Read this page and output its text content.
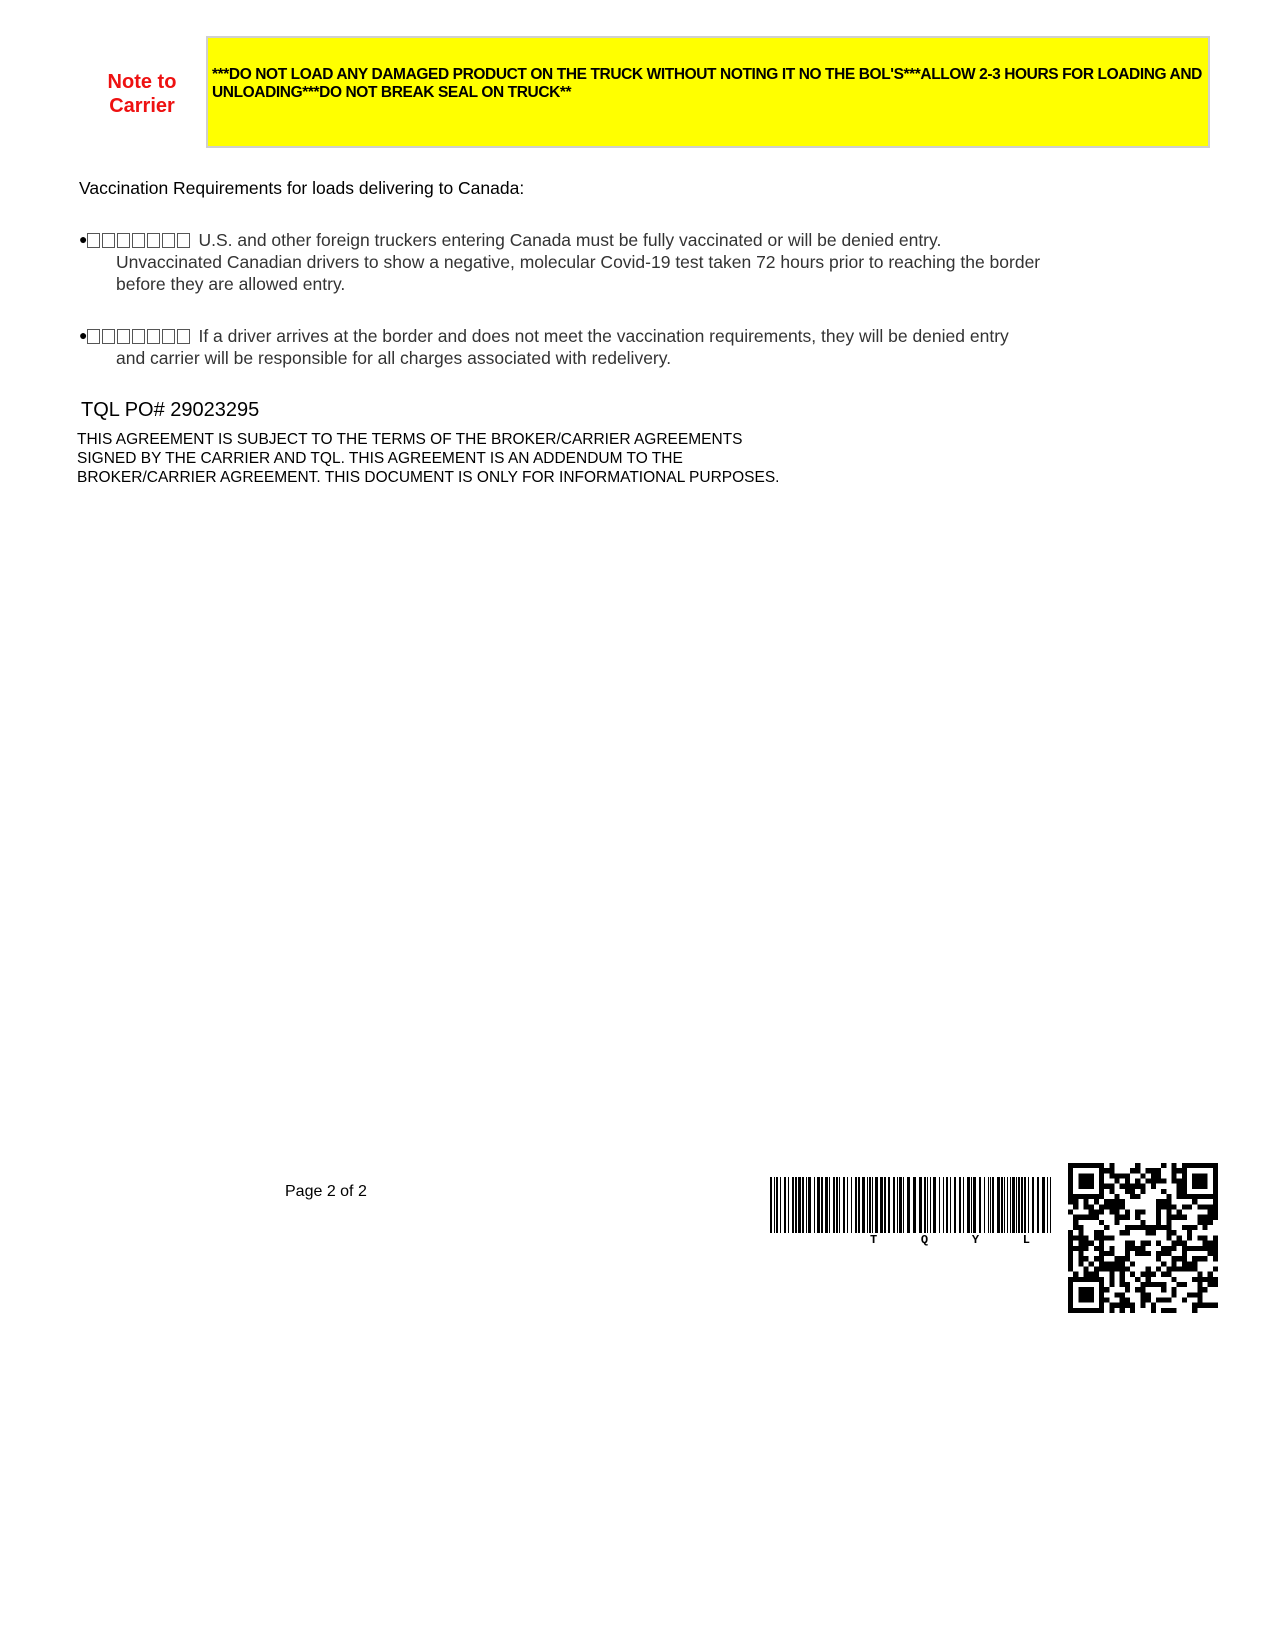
Note to Carrier
***DO NOT LOAD ANY DAMAGED PRODUCT ON THE TRUCK WITHOUT NOTING IT NO THE BOL'S***ALLOW 2-3 HOURS FOR LOADING AND UNLOADING***DO NOT BREAK SEAL ON TRUCK**
Vaccination Requirements for loads delivering to Canada:
●	U.S. and other foreign truckers entering Canada must be fully vaccinated or will be denied entry.
Unvaccinated Canadian drivers to show a negative, molecular Covid-19 test taken 72 hours prior to reaching the border before they are allowed entry.
●	If a driver arrives at the border and does not meet the vaccination requirements, they will be denied entry
and carrier will be responsible for all charges associated with redelivery.
TQL PO# 29023295
THIS AGREEMENT IS SUBJECT TO THE TERMS OF THE BROKER/CARRIER AGREEMENTS SIGNED BY THE CARRIER AND TQL. THIS AGREEMENT IS AN ADDENDUM TO THE BROKER/CARRIER AGREEMENT. THIS DOCUMENT IS ONLY FOR INFORMATIONAL PURPOSES.
Page 2 of 2
T	Q	Y	L
